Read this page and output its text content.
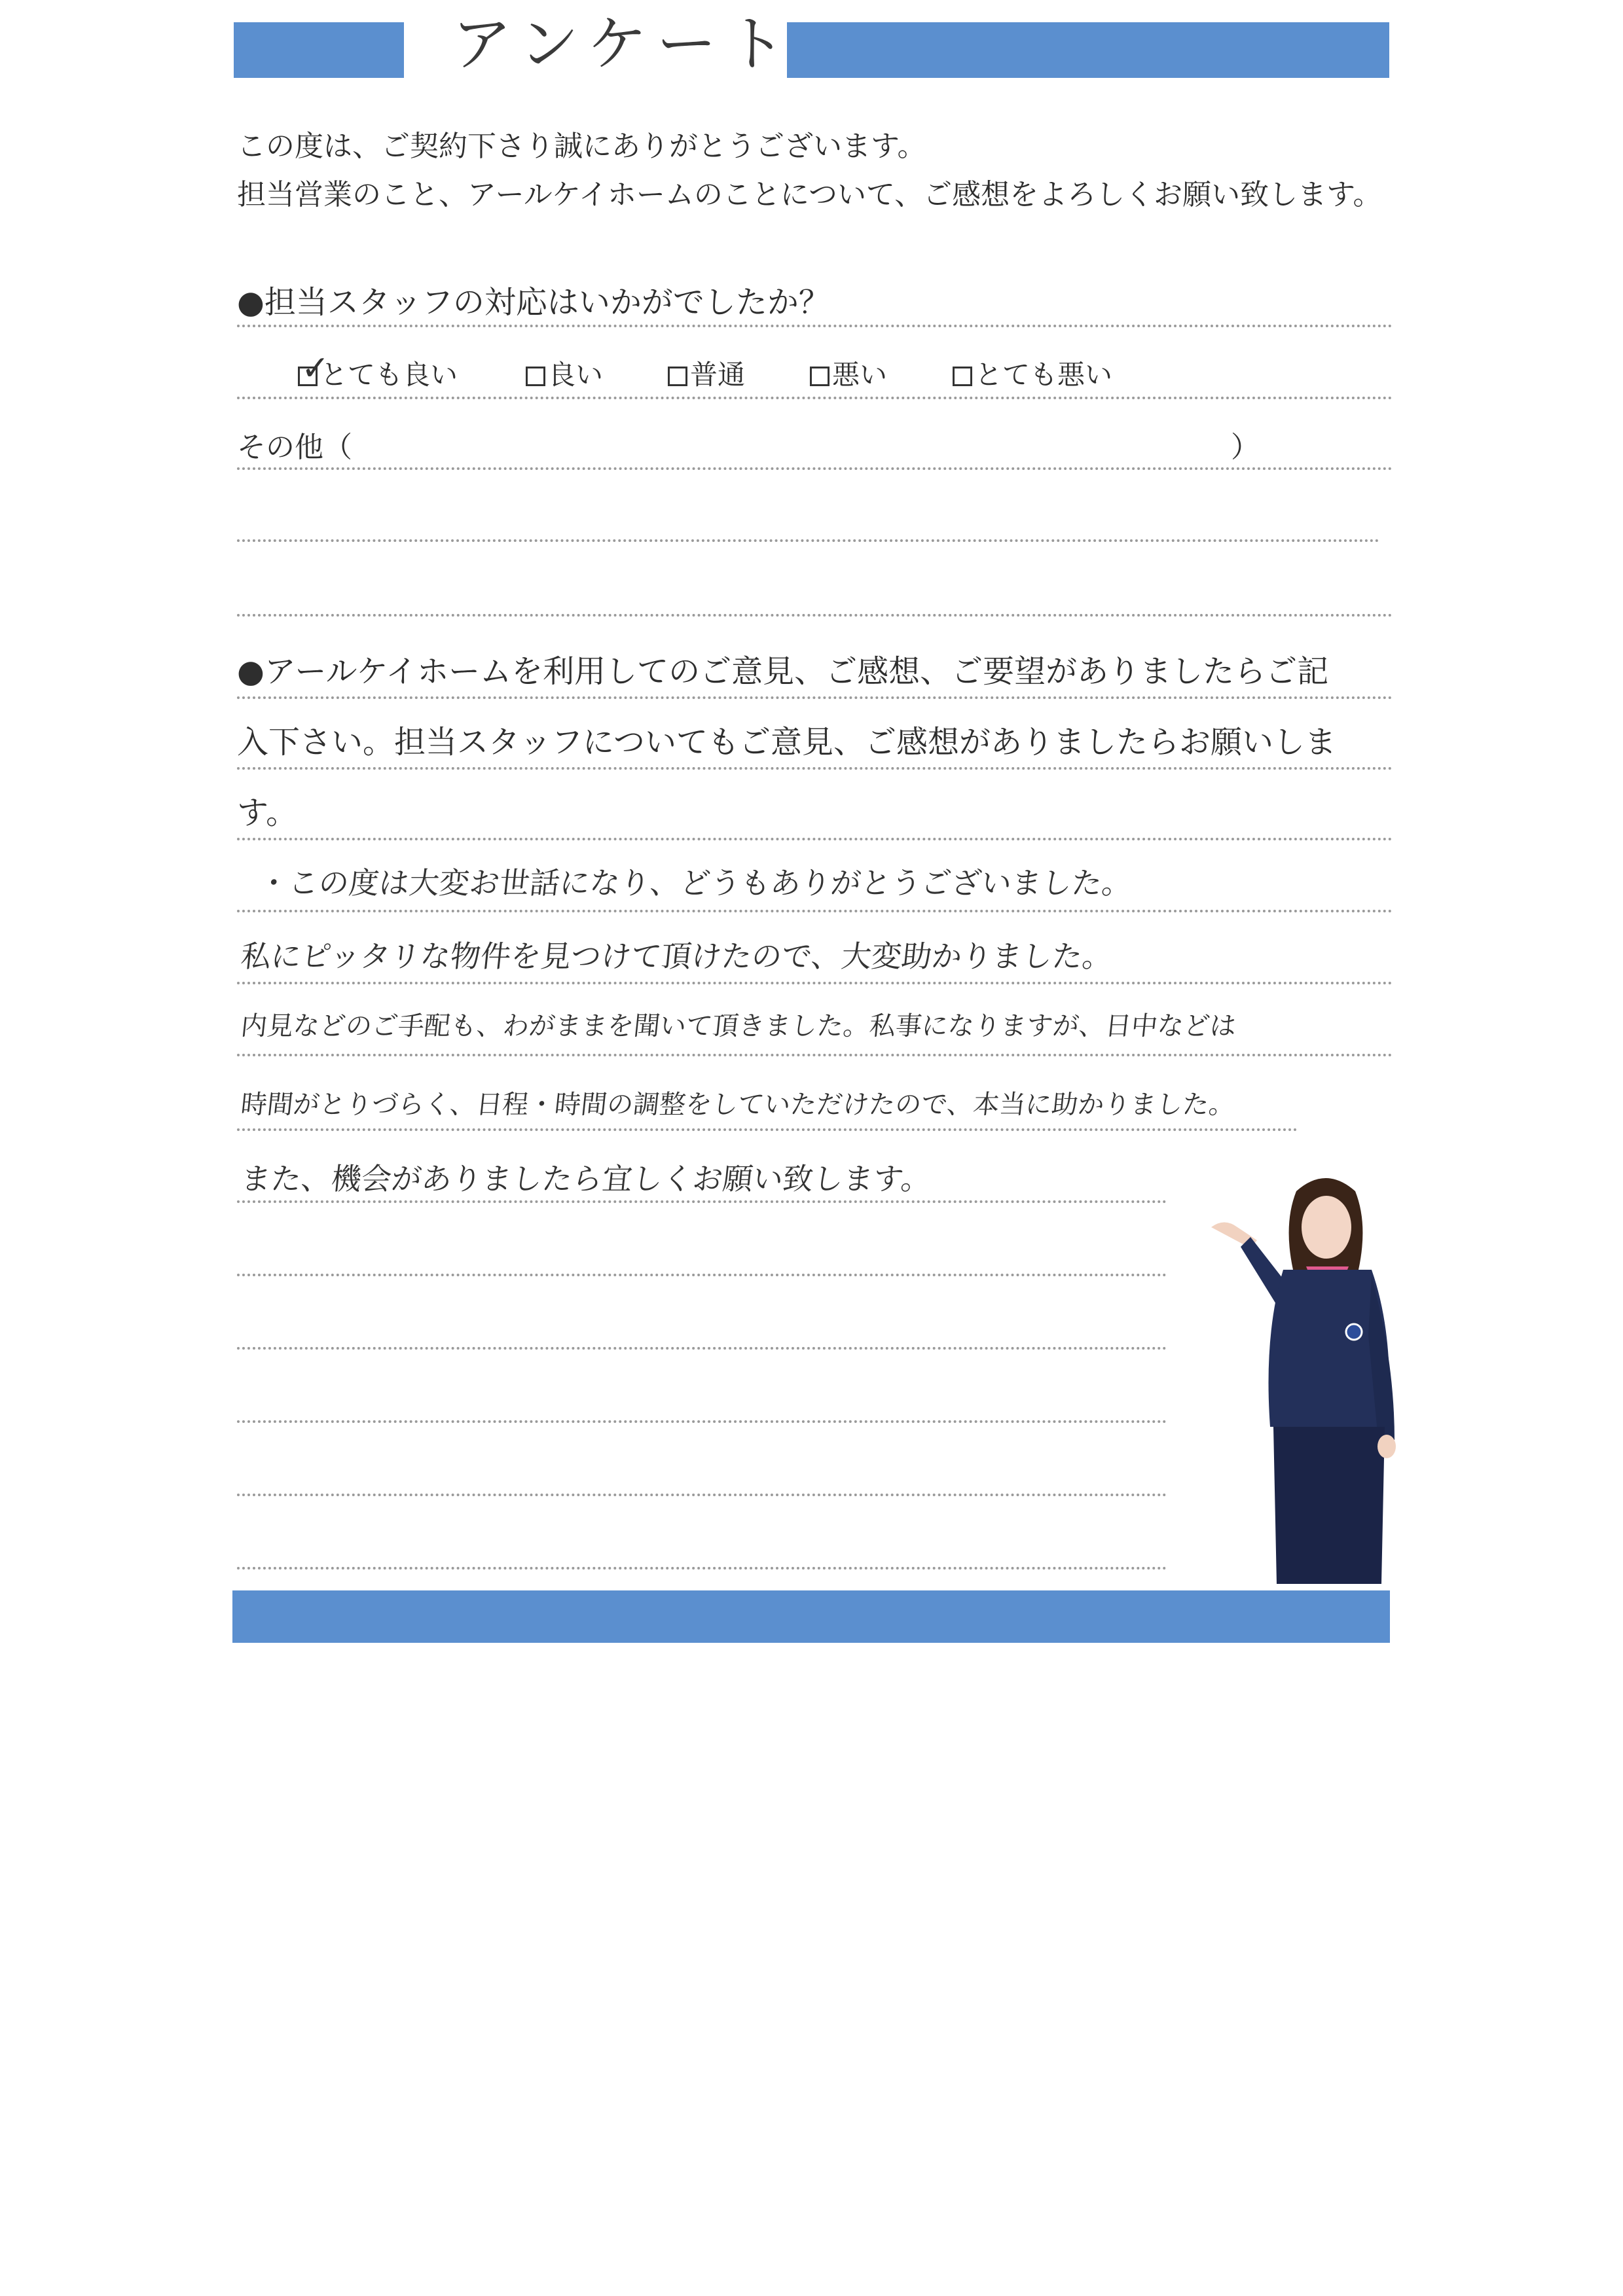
アンケート
この度は、ご契約下さり誠にありがとうございます。
担当営業のこと、アールケイホームのことについて、ご感想をよろしくお願い致します。
●担当スタッフの対応はいかがでしたか？
✓
とても良い	良い	普通	悪い	とても悪い
その他（	）
●アールケイホームを利用してのご意見、ご感想、ご要望がありましたらご記
入下さい。担当スタッフについてもご意見、ご感想がありましたらお願いしま
す。
・この度は大変お世話になり、どうもありがとうございました。
私にピッタリな物件を見つけて頂けたので、大変助かりました。
内見などのご手配も、わがままを聞いて頂きました。私事になりますが、日中などは
時間がとりづらく、日程・時間の調整をしていただけたので、本当に助かりました。
また、機会がありましたら宜しくお願い致します。
